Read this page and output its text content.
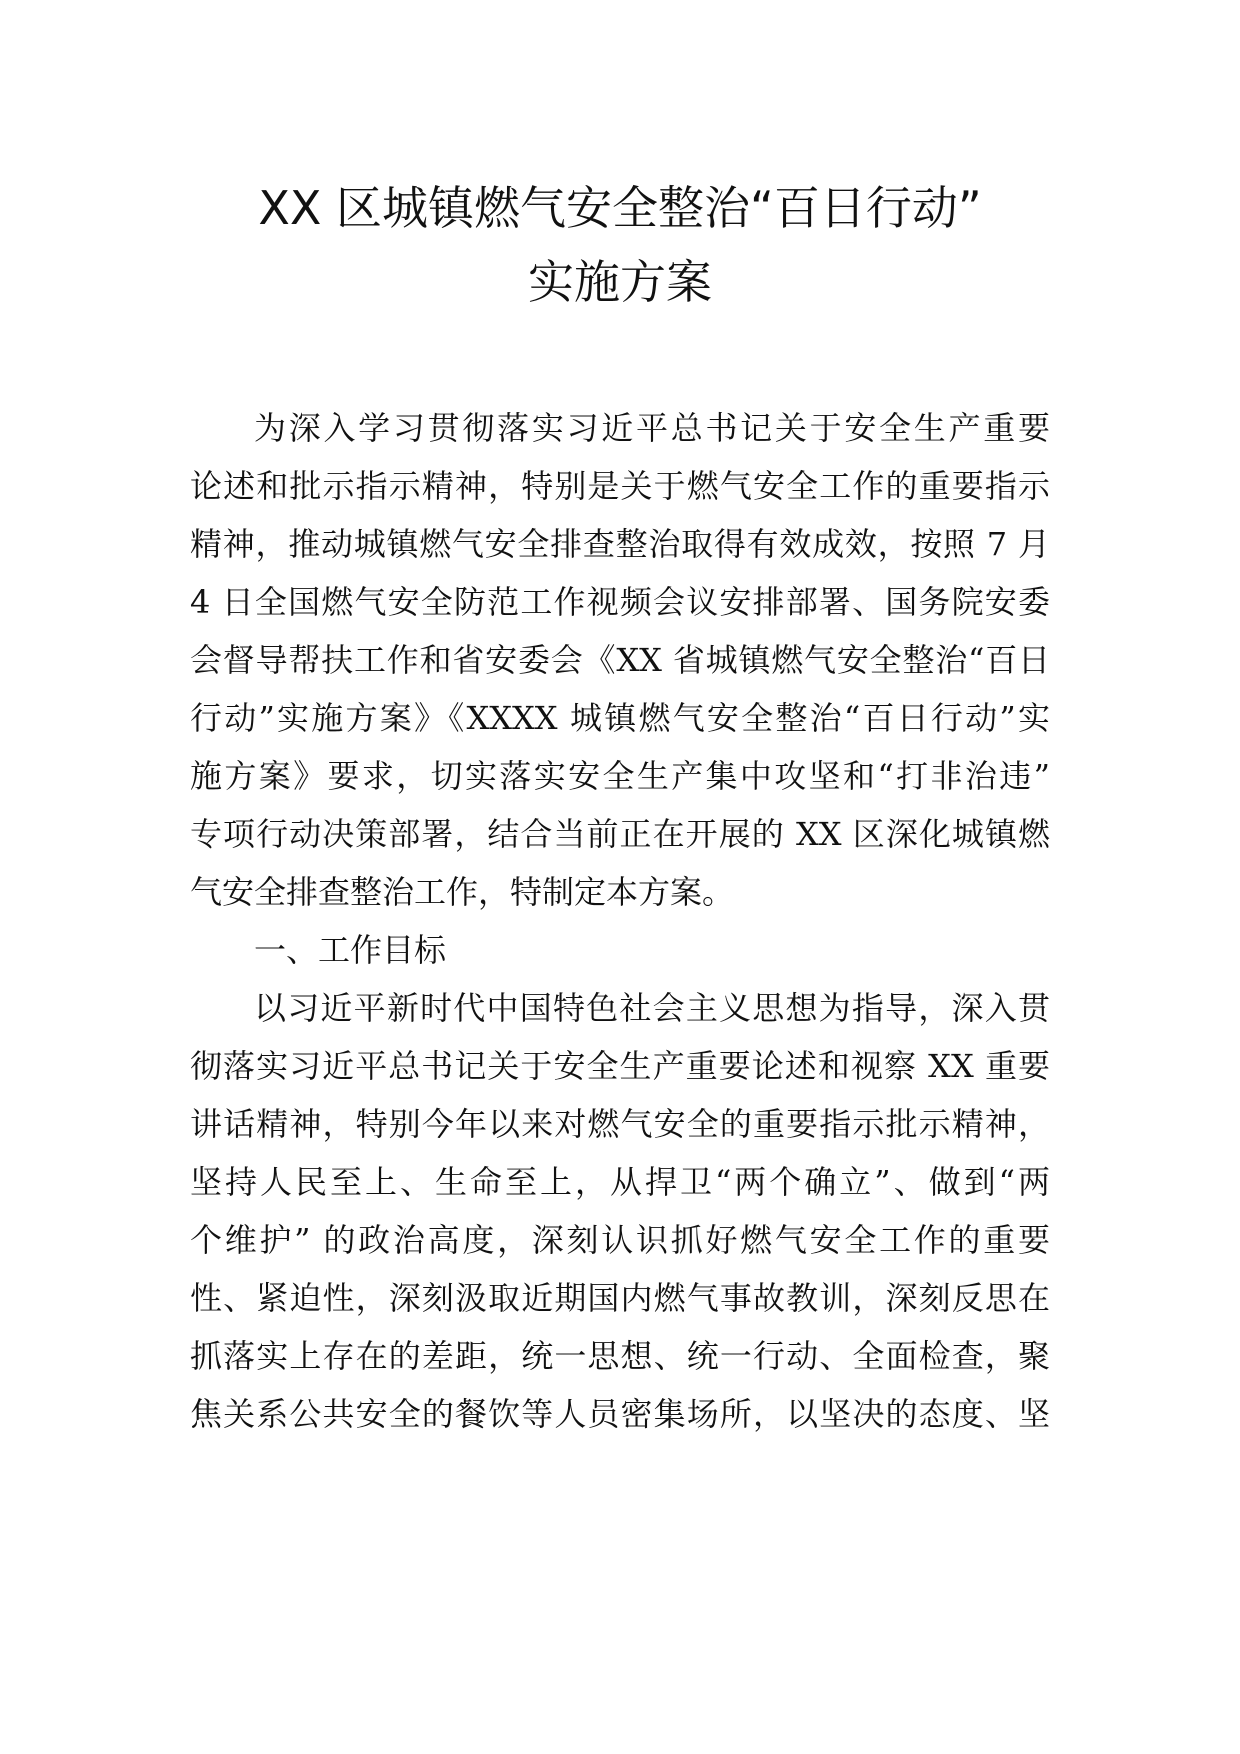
XX 区城镇燃气安全整治“百日行动”
实施方案
为深入学习贯彻落实习近平总书记关于安全生产重要
论述和批示指示精神，特别是关于燃气安全工作的重要指示
精神，推动城镇燃气安全排查整治取得有效成效，按照 7 月
4 日全国燃气安全防范工作视频会议安排部署、国务院安委
会督导帮扶工作和省安委会《XX 省城镇燃气安全整治“百日
行动”实施方案》《XXXX 城镇燃气安全整治“百日行动”实
施方案》要求，切实落实安全生产集中攻坚和“打非治违”
专项行动决策部署，结合当前正在开展的 XX 区深化城镇燃
气安全排查整治工作，特制定本方案。
一、工作目标
以习近平新时代中国特色社会主义思想为指导，深入贯
彻落实习近平总书记关于安全生产重要论述和视察 XX 重要
讲话精神，特别今年以来对燃气安全的重要指示批示精神，
坚持人民至上、生命至上，从捍卫“两个确立”、做到“两
个维护” 的政治高度，深刻认识抓好燃气安全工作的重要
性、紧迫性，深刻汲取近期国内燃气事故教训，深刻反思在
抓落实上存在的差距，统一思想、统一行动、全面检查，聚
焦关系公共安全的餐饮等人员密集场所，以坚决的态度、坚
